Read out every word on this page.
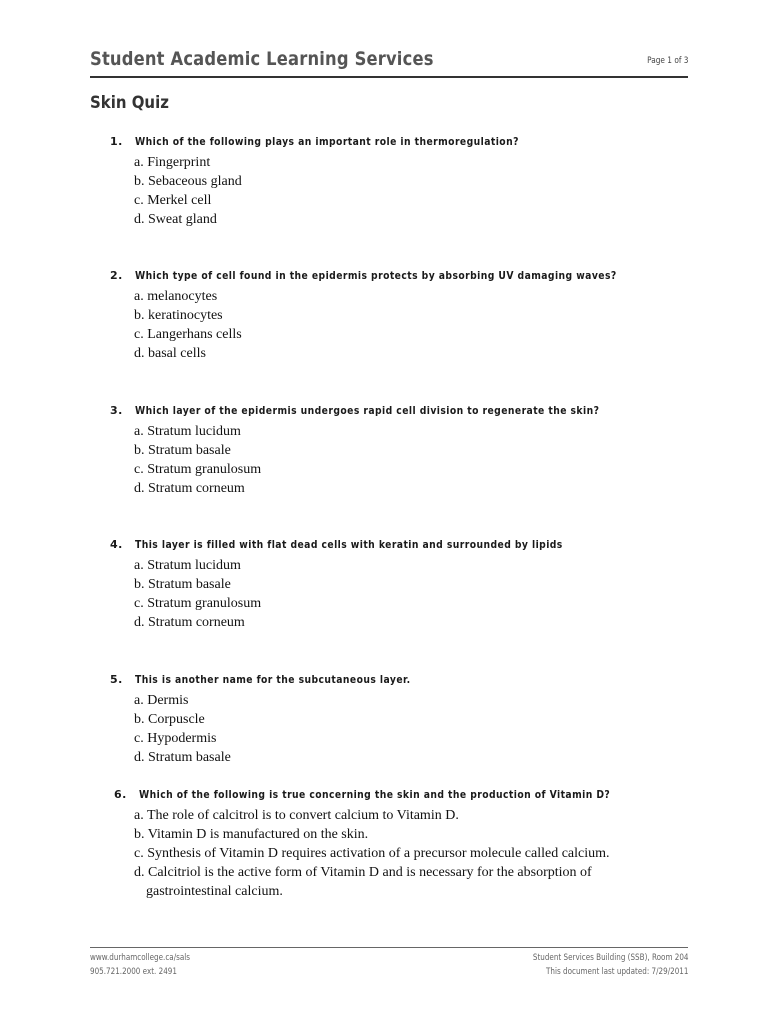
Student Academic Learning Services	Page 1 of 3
Skin Quiz
1. Which of the following plays an important role in thermoregulation?
a. Fingerprint
b. Sebaceous gland
c. Merkel cell
d. Sweat gland
2. Which type of cell found in the epidermis protects by absorbing UV damaging waves?
a. melanocytes
b. keratinocytes
c. Langerhans cells
d. basal cells
3. Which layer of the epidermis undergoes rapid cell division to regenerate the skin?
a. Stratum lucidum
b. Stratum basale
c. Stratum granulosum
d. Stratum corneum
4. This layer is filled with flat dead cells with keratin and surrounded by lipids
a. Stratum lucidum
b. Stratum basale
c. Stratum granulosum
d. Stratum corneum
5. This is another name for the subcutaneous layer.
a. Dermis
b. Corpuscle
c. Hypodermis
d. Stratum basale
6. Which of the following is true concerning the skin and the production of Vitamin D?
a. The role of calcitrol is to convert calcium to Vitamin D.
b. Vitamin D is manufactured on the skin.
c. Synthesis of Vitamin D requires activation of a precursor molecule called calcium.
d. Calcitriol is the active form of Vitamin D and is necessary for the absorption of
gastrointestinal calcium.
www.durhamcollege.ca/sals
905.721.2000 ext. 2491
Student Services Building (SSB), Room 204
This document last updated: 7/29/2011
